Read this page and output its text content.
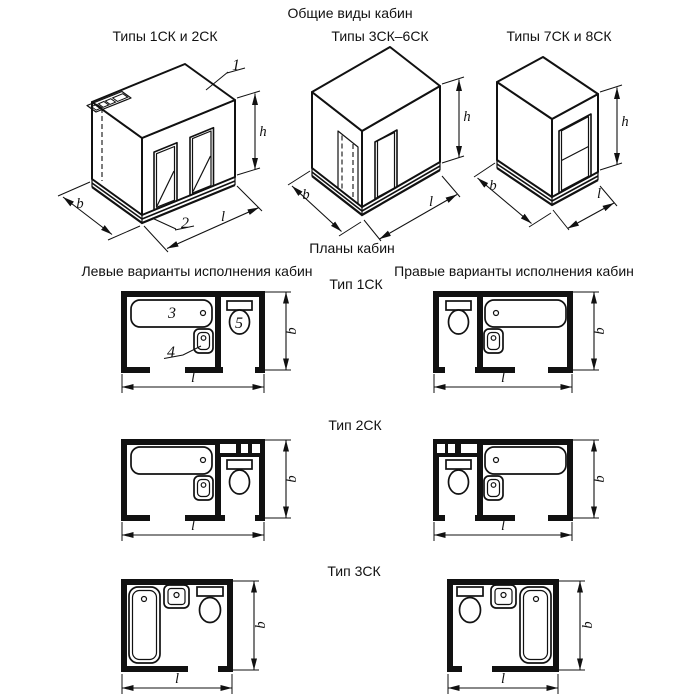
Общие виды кабин
Типы 1СК и 2СК	Типы 3СК–6СК	Типы 7СК и 8СК
Планы кабин
Левые варианты исполнения кабин	Правые варианты исполнения кабин
Тип 1СК
Тип 2СК
Тип 3СК
h
b
l
1
2
h
b	l
h
b	l
3
4
5	b
l
b
l
b
l
b
l
b
l
b
l
